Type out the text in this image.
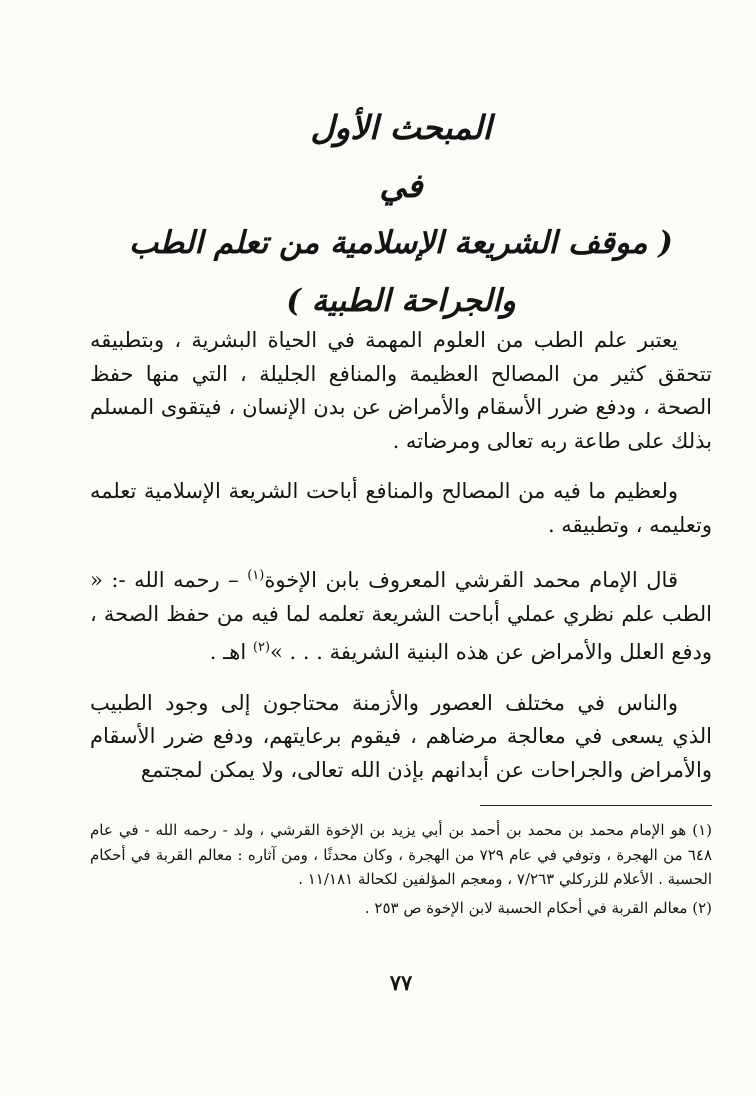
المبحث الأول

في

( موقف الشريعة الإسلامية من تعلم الطب

والجراحة الطبية )

يعتبر علم الطب من العلوم المهمة في الحياة البشرية ، وبتطبيقه تتحقق كثير من المصالح العظيمة والمنافع الجليلة ، التي منها حفظ الصحة ، ودفع ضرر الأسقام والأمراض عن بدن الإنسان ، فيتقوى المسلم بذلك على طاعة ربه تعالى ومرضاته .

ولعظيم ما فيه من المصالح والمنافع أباحت الشريعة الإسلامية تعلمه وتعليمه ، وتطبيقه .

قال الإمام محمد القرشي المعروف بابن الإخوة$^{(١)}$ – رحمه الله -: « الطب علم نظري عملي أباحت الشريعة تعلمه لما فيه من حفظ الصحة ، ودفع العلل والأمراض عن هذه البنية الشريفة . . . »$^{(٢)}$ اهـ .

والناس في مختلف العصور والأزمنة محتاجون إلى وجود الطبيب الذي يسعى في معالجة مرضاهم ، فيقوم برعايتهم، ودفع ضرر الأسقام والأمراض والجراحات عن أبدانهم بإذن الله تعالى، ولا يمكن لمجتمع

(١) هو الإمام محمد بن محمد بن أحمد بن أبي يزيد بن الإخوة القرشي ، ولد - رحمه الله - في عام ٦٤٨ من الهجرة ، وتوفي في عام ٧٢٩ من الهجرة ، وكان محدثًا ، ومن آثاره : معالم القربة في أحكام الحسبة . الأعلام للزركلي ٧/٢٦٣ ، ومعجم المؤلفين لكحالة ١١/١٨١ .

(٢) معالم القربة في أحكام الحسبة لابن الإخوة ص ٢٥٣ .

٧٧
